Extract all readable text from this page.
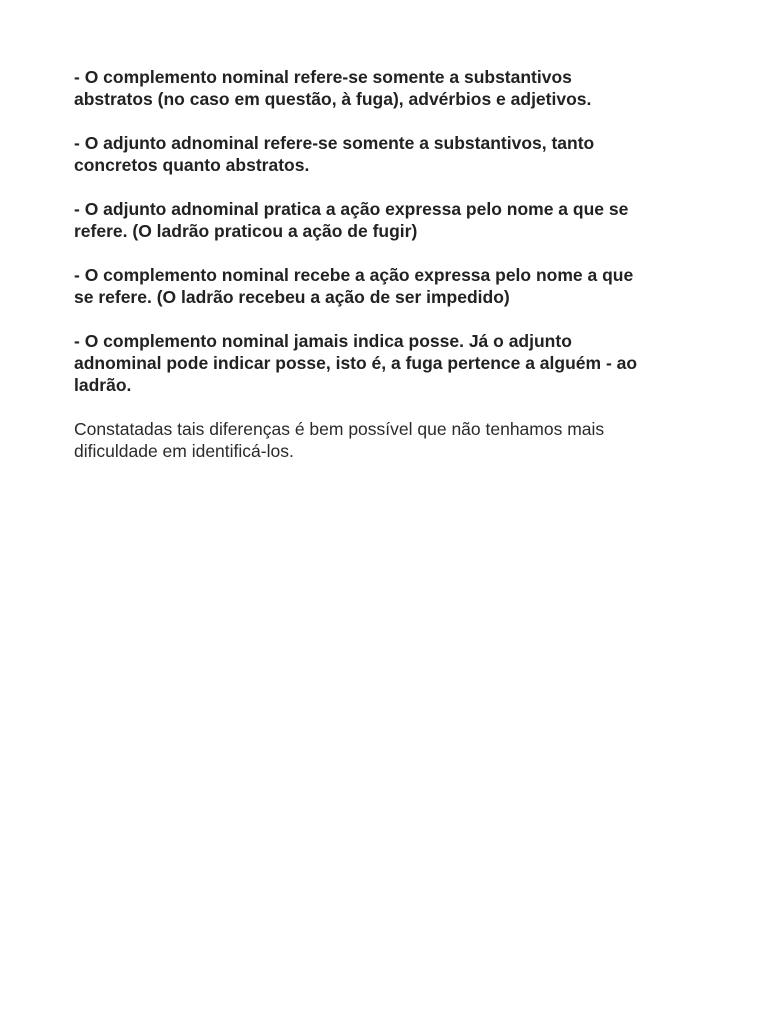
- O complemento nominal refere-se somente a substantivos
abstratos (no caso em questão, à fuga), advérbios e adjetivos.

- O adjunto adnominal refere-se somente a substantivos, tanto
concretos quanto abstratos.

- O adjunto adnominal pratica a ação expressa pelo nome a que se
refere. (O ladrão praticou a ação de fugir)

- O complemento nominal recebe a ação expressa pelo nome a que
se refere. (O ladrão recebeu a ação de ser impedido)

- O complemento nominal jamais indica posse. Já o adjunto
adnominal pode indicar posse, isto é, a fuga pertence a alguém - ao
ladrão.

Constatadas tais diferenças é bem possível que não tenhamos mais
dificuldade em identificá-los.
